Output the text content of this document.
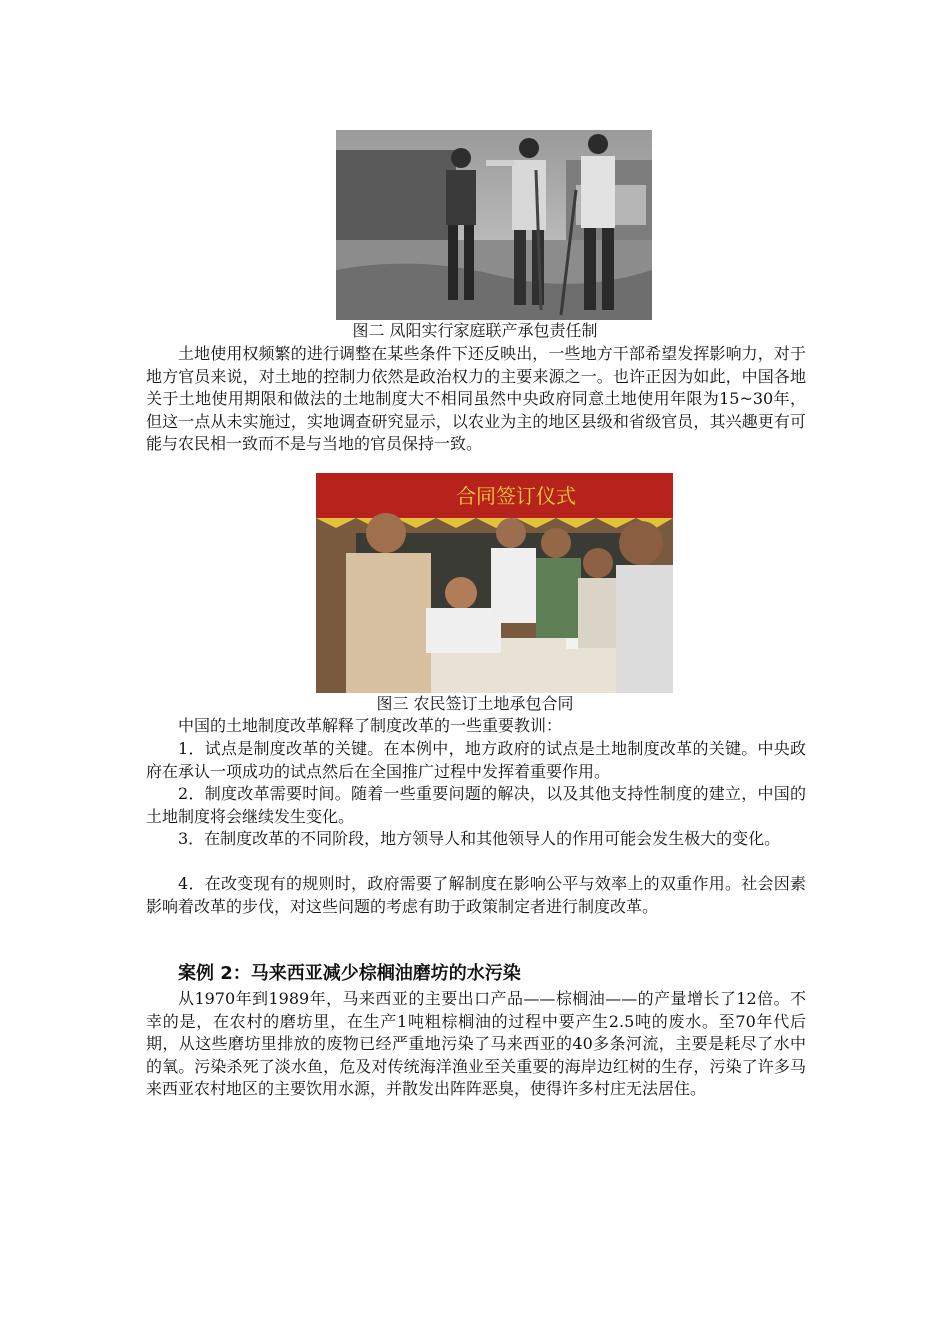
图二 凤阳实行家庭联产承包责任制

土地使用权频繁的进行调整在某些条件下还反映出，一些地方干部希望发挥影响力，对于地方官员来说，对土地的控制力依然是政治权力的主要来源之一。也许正因为如此，中国各地关于土地使用期限和做法的土地制度大不相同虽然中央政府同意土地使用年限为15~30年，但这一点从未实施过，实地调查研究显示，以农业为主的地区县级和省级官员，其兴趣更有可能与农民相一致而不是与当地的官员保持一致。

合同签订仪式
图三 农民签订土地承包合同

中国的土地制度改革解释了制度改革的一些重要教训：

1．试点是制度改革的关键。在本例中，地方政府的试点是土地制度改革的关键。中央政府在承认一项成功的试点然后在全国推广过程中发挥着重要作用。

2．制度改革需要时间。随着一些重要问题的解决，以及其他支持性制度的建立，中国的土地制度将会继续发生变化。

3．在制度改革的不同阶段，地方领导人和其他领导人的作用可能会发生极大的变化。

4．在改变现有的规则时，政府需要了解制度在影响公平与效率上的双重作用。社会因素影响着改革的步伐，对这些问题的考虑有助于政策制定者进行制度改革。

案例 2：马来西亚减少棕榈油磨坊的水污染

从1970年到1989年，马来西亚的主要出口产品——棕榈油——的产量增长了12倍。不幸的是，在农村的磨坊里，在生产1吨粗棕榈油的过程中要产生2.5吨的废水。至70年代后期，从这些磨坊里排放的废物已经严重地污染了马来西亚的40多条河流，主要是耗尽了水中的氧。污染杀死了淡水鱼，危及对传统海洋渔业至关重要的海岸边红树的生存，污染了许多马来西亚农村地区的主要饮用水源，并散发出阵阵恶臭，使得许多村庄无法居住。
